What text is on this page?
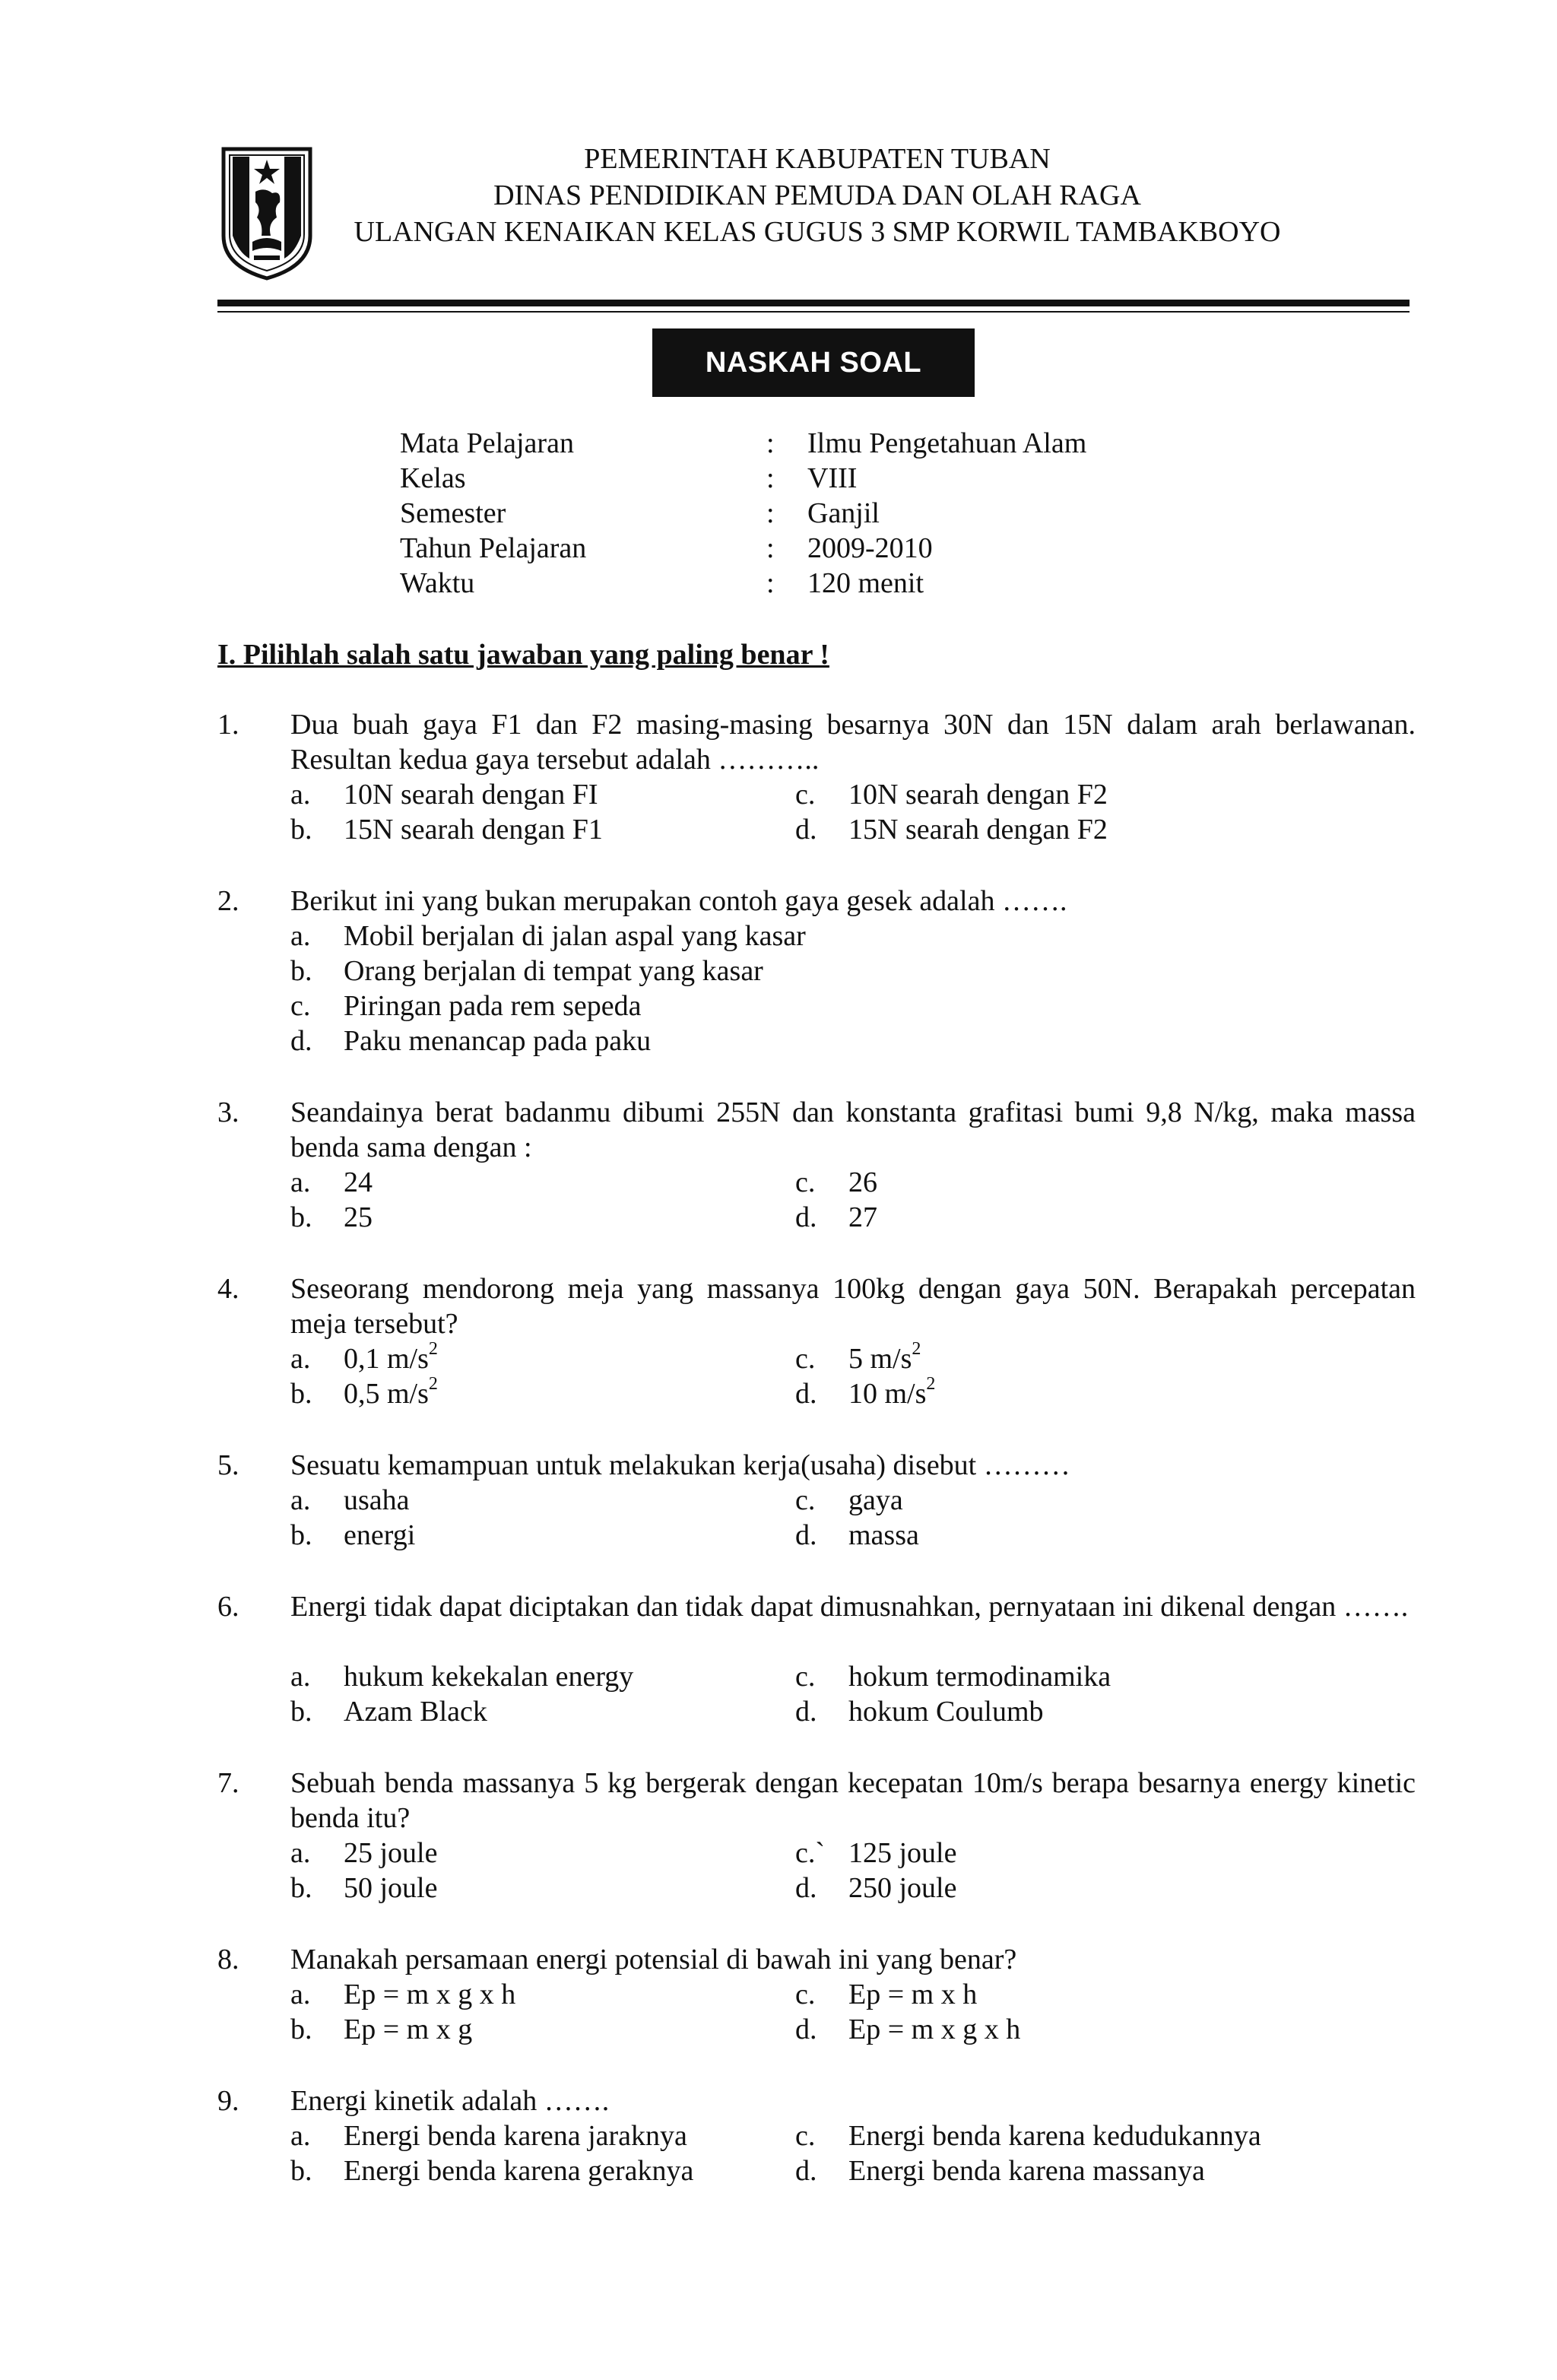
PEMERINTAH KABUPATEN TUBAN
DINAS PENDIDIKAN PEMUDA DAN OLAH RAGA
ULANGAN KENAIKAN KELAS GUGUS 3 SMP KORWIL TAMBAKBOYO
NASKAH SOAL
Mata Pelajaran	: Ilmu Pengetahuan Alam
Kelas	: VIII
Semester	: Ganjil
Tahun Pelajaran	: 2009-2010
Waktu	: 120 menit
I. Pilihlah salah satu jawaban yang paling benar !
1. Dua buah gaya F1 dan F2 masing-masing besarnya 30N dan 15N dalam arah berlawanan. Resultan kedua gaya tersebut adalah ………..
a. 10N searah dengan FI
b. 15N searah dengan F1
c. 10N searah dengan F2
d. 15N searah dengan F2
2. Berikut ini yang bukan merupakan contoh gaya gesek adalah …….
a. Mobil berjalan di jalan aspal yang kasar
b. Orang berjalan di tempat yang kasar
c. Piringan pada rem sepeda
d. Paku menancap pada paku
3. Seandainya berat badanmu dibumi 255N dan konstanta grafitasi bumi 9,8 N/kg, maka massa benda sama dengan :
a. 24
b. 25
c. 26
d. 27
4. Seseorang mendorong meja yang massanya 100kg dengan gaya 50N. Berapakah percepatan meja tersebut?
a. 0,1 $m/s^2$
b. 0,5 $m/s^2$
c. 5 $m/s^2$
d. 10 $m/s^2$
5. Sesuatu kemampuan untuk melakukan kerja(usaha) disebut ………
a. usaha
b. energi
c. gaya
d. massa
6. Energi tidak dapat diciptakan dan tidak dapat dimusnahkan, pernyataan ini dikenal dengan …….
a. hukum kekekalan energy
b. Azam Black
c. hokum termodinamika
d. hokum Coulumb
7. Sebuah benda massanya 5 kg bergerak dengan kecepatan 10m/s berapa besarnya energy kinetic benda itu?
a. 25 joule
b. 50 joule
c.` 125 joule
d. 250 joule
8. Manakah persamaan energi potensial di bawah ini yang benar?
a. Ep = m x g x h
b. Ep = m x g
c. Ep = m x h
d. Ep = m x g x h
9. Energi kinetik adalah …….
a. Energi benda karena jaraknya
b. Energi benda karena geraknya
c. Energi benda karena kedudukannya
d. Energi benda karena massanya
